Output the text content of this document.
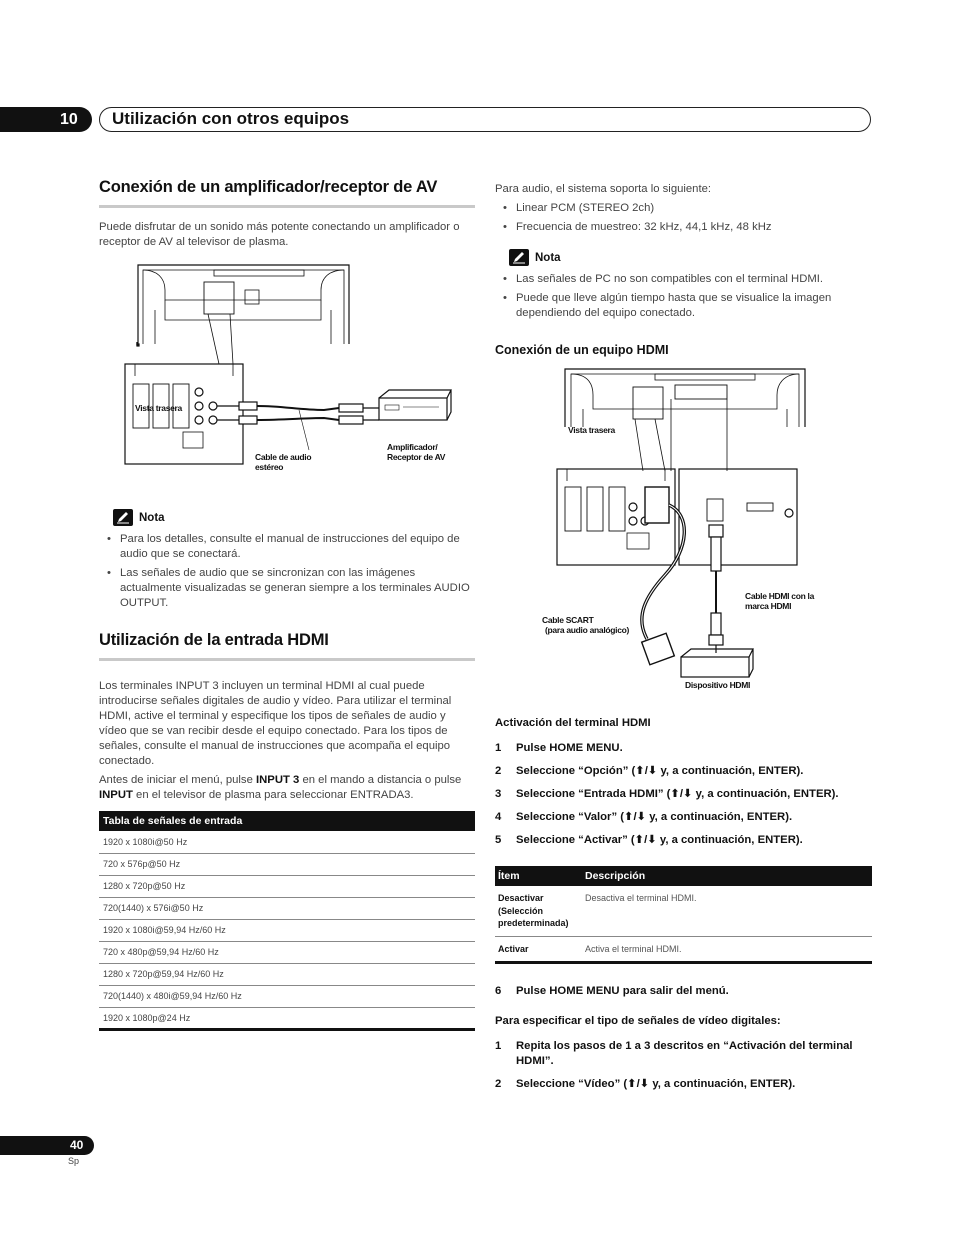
10	Utilización con otros equipos
Conexión de un amplificador/receptor de AV

Puede disfrutar de un sonido más potente conectando un amplificador o receptor de AV al televisor de plasma.

Vista trasera
Cable de audio estéreo
Amplificador/ Receptor de AV
Nota
• Para los detalles, consulte el manual de instrucciones del equipo de audio que se conectará.
• Las señales de audio que se sincronizan con las imágenes actualmente visualizadas se generan siempre a los terminales AUDIO OUTPUT.
Utilización de la entrada HDMI

Los terminales INPUT 3 incluyen un terminal HDMI al cual puede introducirse señales digitales de audio y vídeo. Para utilizar el terminal HDMI, active el terminal y especifique los tipos de señales de audio y vídeo que se van recibir desde el equipo conectado. Para los tipos de señales, consulte el manual de instrucciones que acompaña el equipo conectado.

Antes de iniciar el menú, pulse INPUT 3 en el mando a distancia o pulse INPUT en el televisor de plasma para seleccionar ENTRADA3.

Tabla de señales de entrada
1920 x 1080i@50 Hz
720 x 576p@50 Hz
1280 x 720p@50 Hz
720(1440) x 576i@50 Hz
1920 x 1080i@59,94 Hz/60 Hz
720 x 480p@59,94 Hz/60 Hz
1280 x 720p@59,94 Hz/60 Hz
720(1440) x 480i@59,94 Hz/60 Hz
1920 x 1080p@24 Hz

Para audio, el sistema soporta lo siguiente:

• Linear PCM (STEREO 2ch)
• Frecuencia de muestreo: 32 kHz, 44,1 kHz, 48 kHz
Nota
• Las señales de PC no son compatibles con el terminal HDMI.
• Puede que lleve algún tiempo hasta que se visualice la imagen dependiendo del equipo conectado.
Conexión de un equipo HDMI
Vista trasera
Cable HDMI con la marca HDMI
Cable SCART
(para audio analógico)
Dispositivo HDMI
Activación del terminal HDMI
1	Pulse HOME MENU.
2	Seleccione “Opción” (⬆/⬇ y, a continuación, ENTER).
3	Seleccione “Entrada HDMI” (⬆/⬇ y, a continuación, ENTER).
4	Seleccione “Valor” (⬆/⬇ y, a continuación, ENTER).
5	Seleccione “Activar” (⬆/⬇ y, a continuación, ENTER).
Ítem	Descripción
Desactivar (Selección predeterminada)	Desactiva el terminal HDMI.
Activar	Activa el terminal HDMI.
6	Pulse HOME MENU para salir del menú.
Para especificar el tipo de señales de vídeo digitales:
1	Repita los pasos de 1 a 3 descritos en “Activación del terminal HDMI”.
2	Seleccione “Vídeo” (⬆/⬇ y, a continuación, ENTER).
40
Sp
